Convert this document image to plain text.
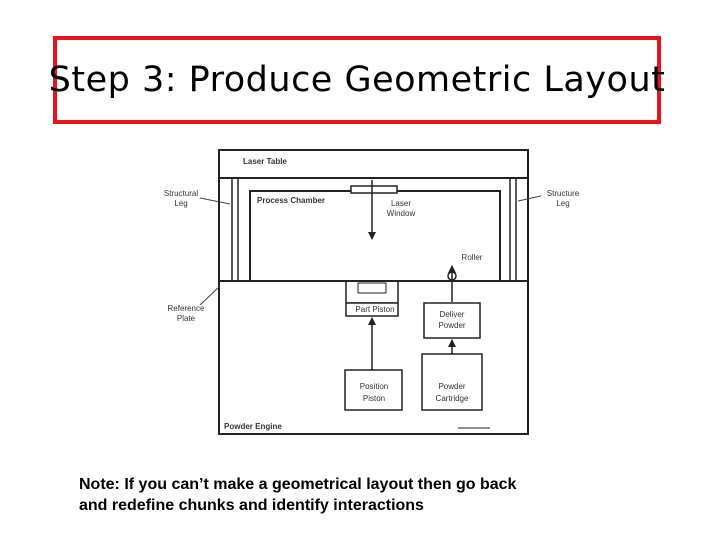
Step 3: Produce Geometric Layout
Laser Table
Process Chamber	Laser
Window
Structural
Leg
Structure
Leg
Roller
Reference
Plate
Part Piston
Deliver
Powder
Position
Piston
Powder
Cartridge
Powder Engine
Note: If you can’t make a geometrical layout then go back
and redefine chunks and identify interactions
